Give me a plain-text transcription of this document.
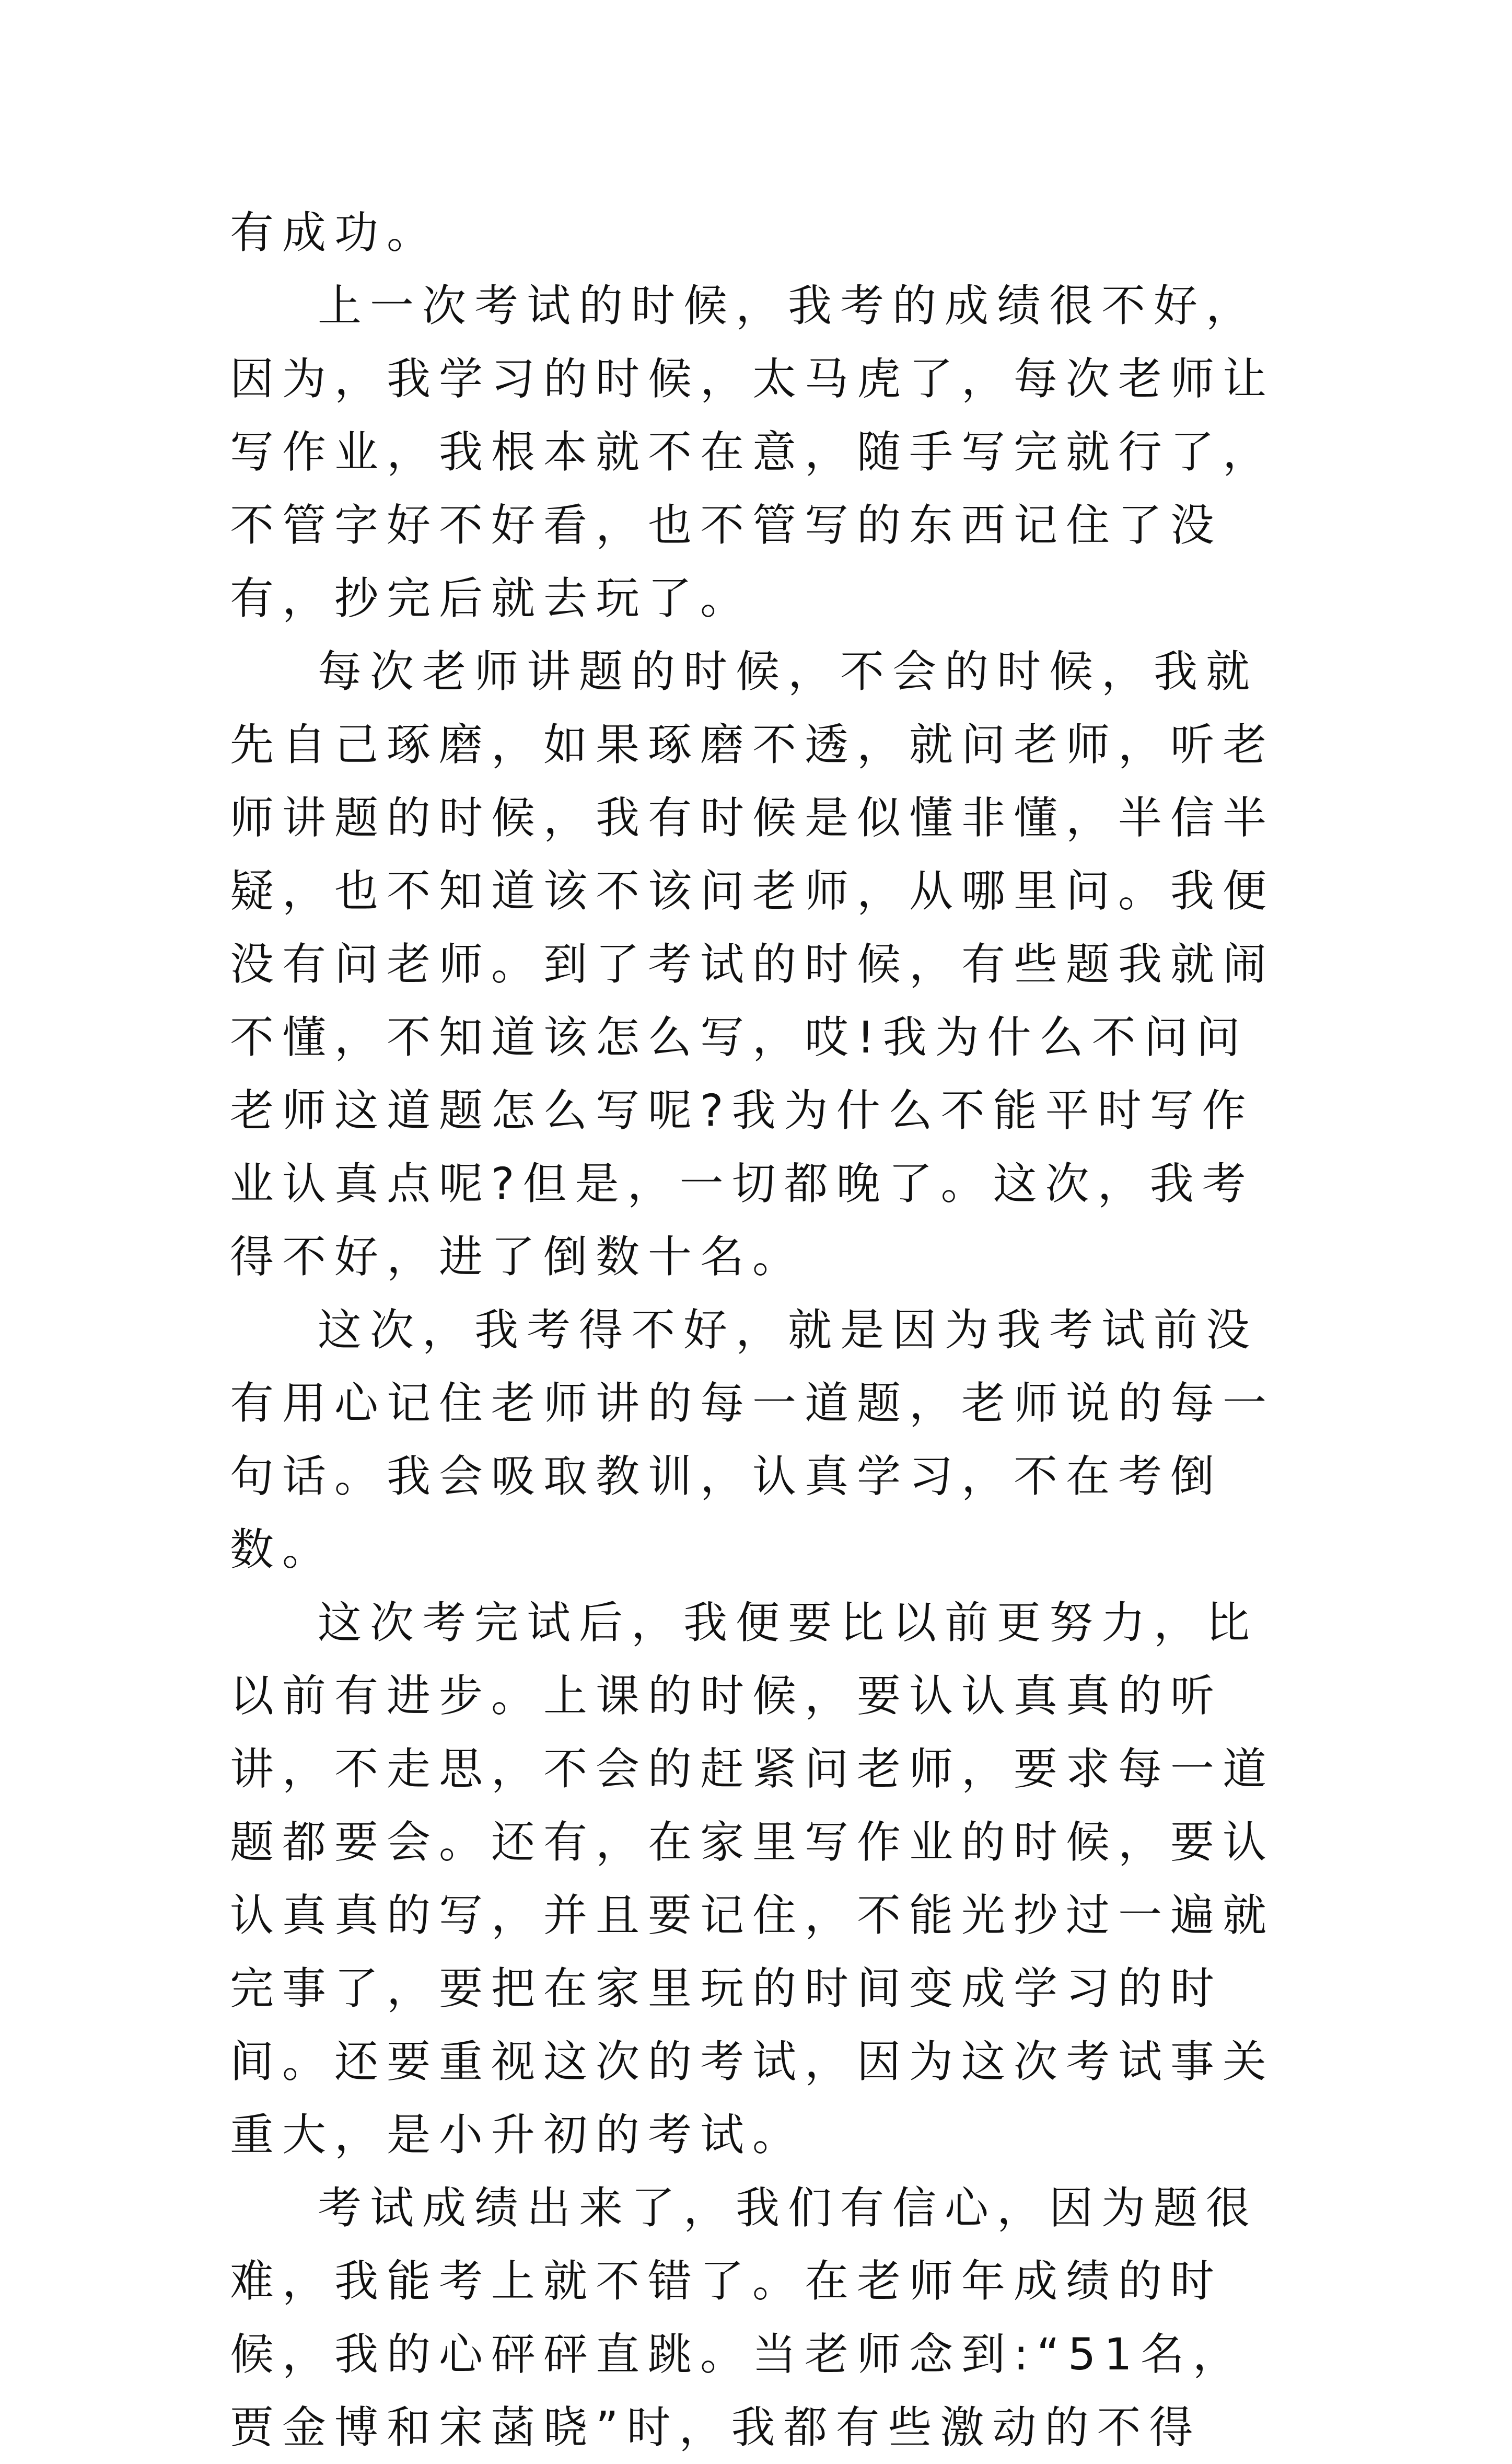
有成功。

上一次考试的时候，我考的成绩很不好，因为，我学习的时候，太马虎了，每次老师让写作业，我根本就不在意，随手写完就行了，不管字好不好看，也不管写的东西记住了没有，抄完后就去玩了。

每次老师讲题的时候，不会的时候，我就先自己琢磨，如果琢磨不透，就问老师，听老师讲题的时候，我有时候是似懂非懂，半信半疑，也不知道该不该问老师，从哪里问。我便没有问老师。到了考试的时候，有些题我就闹不懂，不知道该怎么写，哎!我为什么不问问老师这道题怎么写呢?我为什么不能平时写作业认真点呢?但是，一切都晚了。这次，我考得不好，进了倒数十名。

这次，我考得不好，就是因为我考试前没有用心记住老师讲的每一道题，老师说的每一句话。我会吸取教训，认真学习，不在考倒数。

这次考完试后，我便要比以前更努力，比以前有进步。上课的时候，要认认真真的听讲，不走思，不会的赶紧问老师，要求每一道题都要会。还有，在家里写作业的时候，要认认真真的写，并且要记住，不能光抄过一遍就完事了，要把在家里玩的时间变成学习的时间。还要重视这次的考试，因为这次考试事关重大，是小升初的考试。

考试成绩出来了，我们有信心，因为题很难，我能考上就不错了。在老师年成绩的时候，我的心砰砰直跳。当老师念到:“51名，贾金博和宋菡晓”时，我都有些激动的不得
